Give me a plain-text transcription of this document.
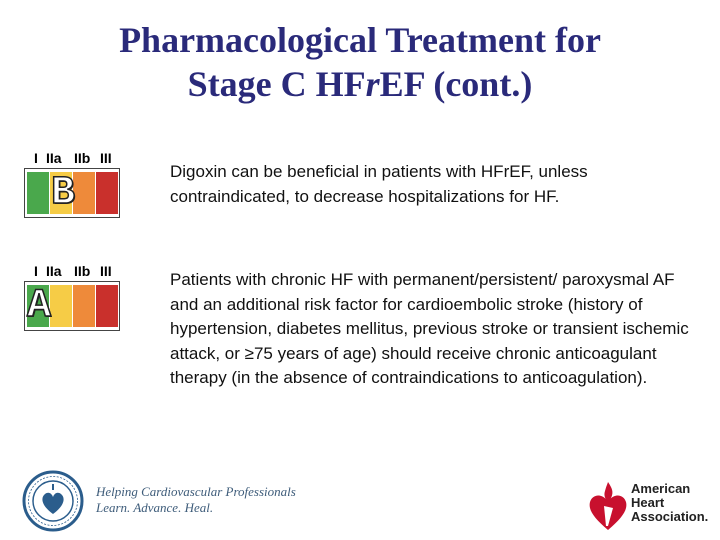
Pharmacological Treatment for
Stage C HFrEF (cont.)
I IIa IIb III
B	Digoxin can be beneficial in patients with HFrEF, unless contraindicated, to decrease hospitalizations for HF.
I IIa IIb III
A
Patients with chronic HF with permanent/persistent/ paroxysmal AF and an additional risk factor for cardioembolic stroke (history of hypertension, diabetes mellitus, previous stroke or transient ischemic attack, or ≥75 years of age) should receive chronic anticoagulant therapy (in the absence of contraindications to anticoagulation).
Helping Cardiovascular Professionals
Learn. Advance. Heal.
American
Heart
Association.
